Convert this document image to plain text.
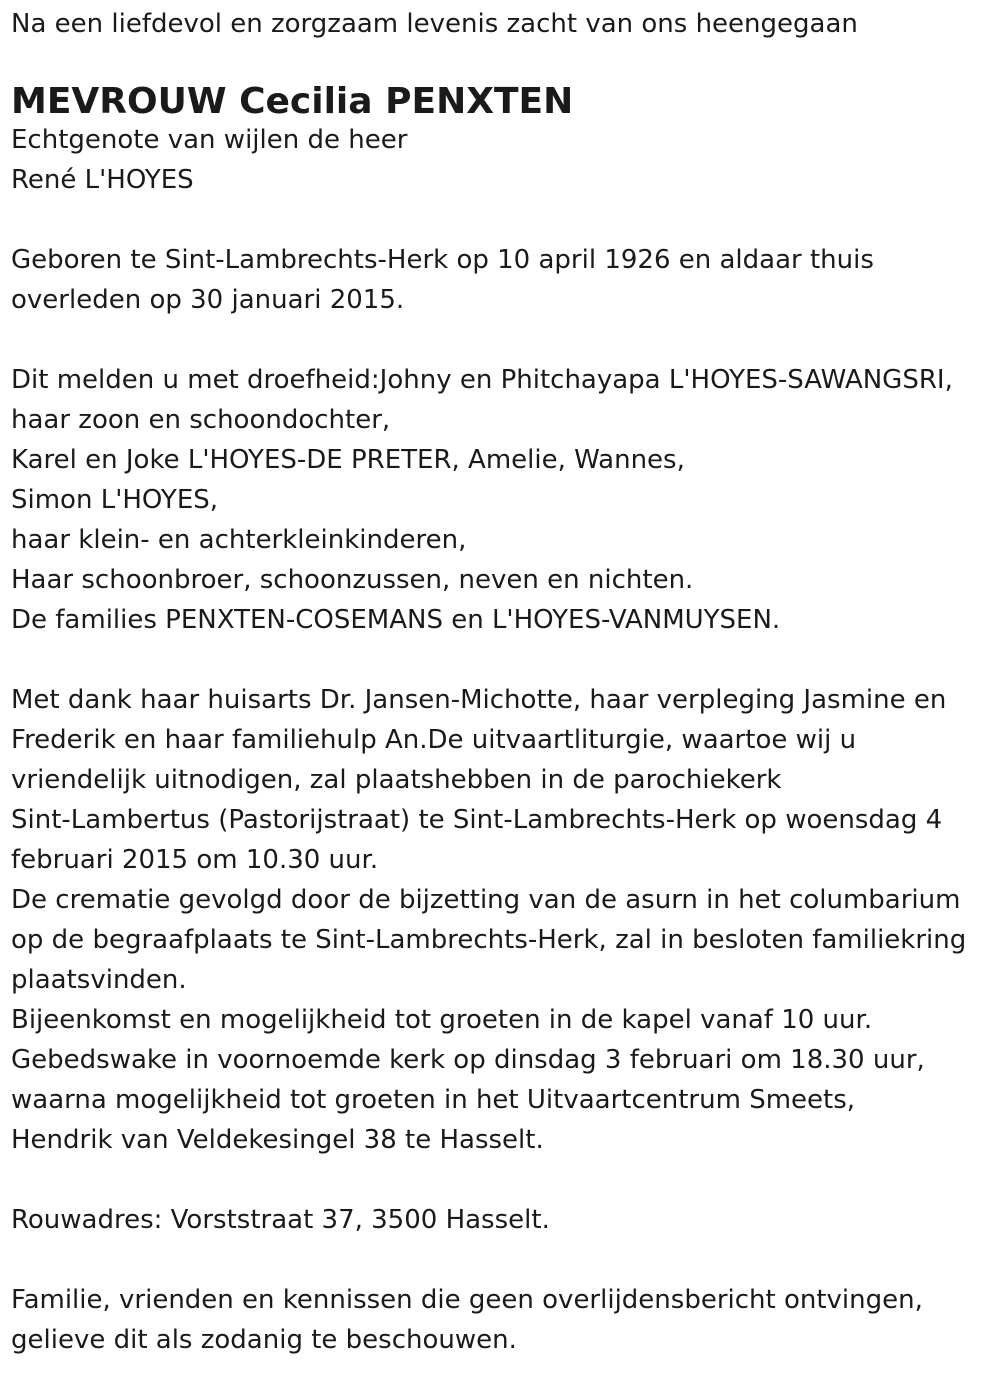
Na een liefdevol en zorgzaam levenis zacht van ons heengegaan
MEVROUW Cecilia PENXTEN
Echtgenote van wijlen de heer
René L'HOYES
Geboren te Sint-Lambrechts-Herk op 10 april 1926 en aldaar thuis
overleden op 30 januari 2015.
Dit melden u met droefheid:Johny en Phitchayapa L'HOYES-SAWANGSRI,
haar zoon en schoondochter,
Karel en Joke L'HOYES-DE PRETER, Amelie, Wannes,
Simon L'HOYES,
haar klein- en achterkleinkinderen,
Haar schoonbroer, schoonzussen, neven en nichten.
De families PENXTEN-COSEMANS en L'HOYES-VANMUYSEN.
Met dank haar huisarts Dr. Jansen-Michotte, haar verpleging Jasmine en
Frederik en haar familiehulp An.De uitvaartliturgie, waartoe wij u
vriendelijk uitnodigen, zal plaatshebben in de parochiekerk
Sint-Lambertus (Pastorijstraat) te Sint-Lambrechts-Herk op woensdag 4
februari 2015 om 10.30 uur.
De crematie gevolgd door de bijzetting van de asurn in het columbarium
op de begraafplaats te Sint-Lambrechts-Herk, zal in besloten familiekring
plaatsvinden.
Bijeenkomst en mogelijkheid tot groeten in de kapel vanaf 10 uur.
Gebedswake in voornoemde kerk op dinsdag 3 februari om 18.30 uur,
waarna mogelijkheid tot groeten in het Uitvaartcentrum Smeets,
Hendrik van Veldekesingel 38 te Hasselt.
Rouwadres: Vorststraat 37, 3500 Hasselt.
Familie, vrienden en kennissen die geen overlijdensbericht ontvingen,
gelieve dit als zodanig te beschouwen.
